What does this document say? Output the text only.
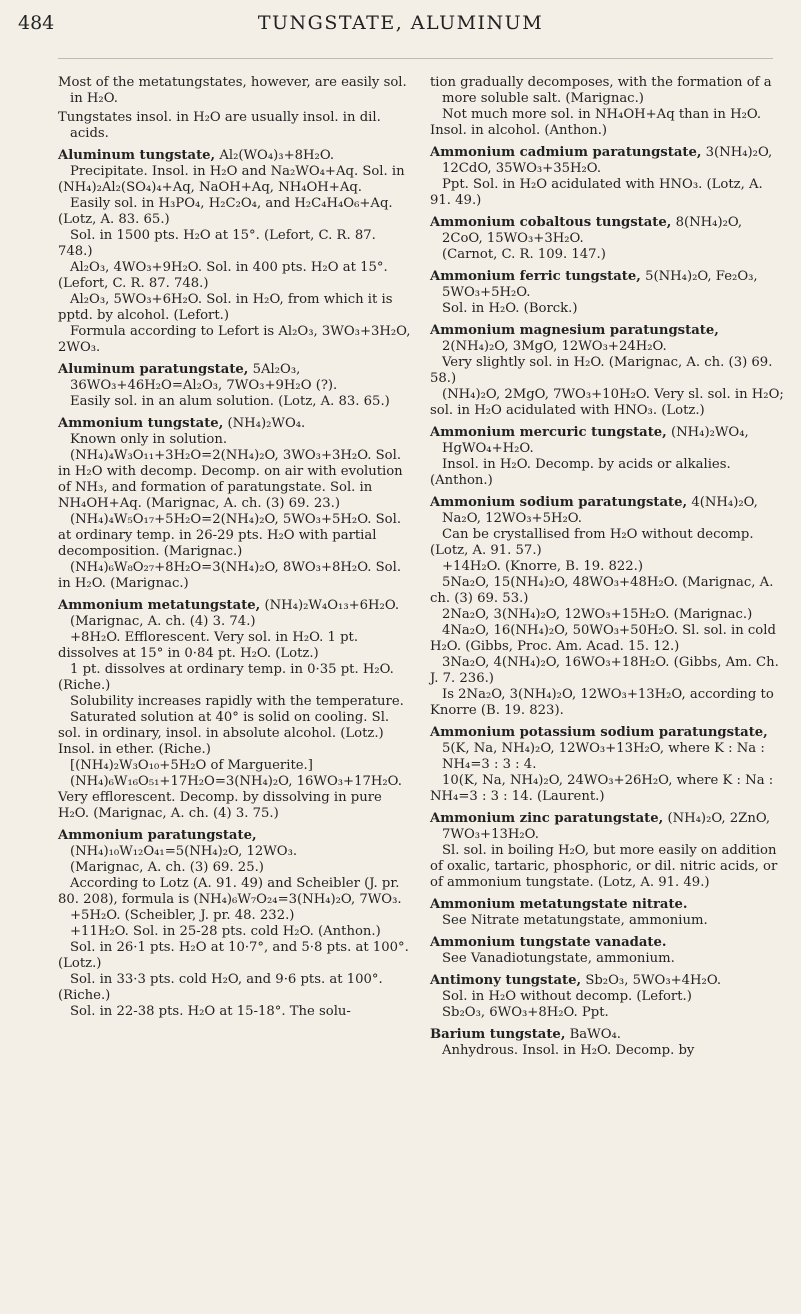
484	TUNGSTATE, ALUMINUM

Most of the metatungstates, however, are easily sol. in H₂O.

Tungstates insol. in H₂O are usually insol. in dil. acids.

Aluminum tungstate, Al₂(WO₄)₃+8H₂O.

Precipitate. Insol. in H₂O and Na₂WO₄+Aq. Sol. in (NH₄)₂Al₂(SO₄)₄+Aq, NaOH+Aq, NH₄OH+Aq.

Easily sol. in H₃PO₄, H₂C₂O₄, and H₂C₄H₄O₆+Aq. (Lotz, A. 83. 65.)

Sol. in 1500 pts. H₂O at 15°. (Lefort, C. R. 87. 748.)

Al₂O₃, 4WO₃+9H₂O. Sol. in 400 pts. H₂O at 15°. (Lefort, C. R. 87. 748.)

Al₂O₃, 5WO₃+6H₂O. Sol. in H₂O, from which it is pptd. by alcohol. (Lefort.)

Formula according to Lefort is Al₂O₃, 3WO₃+3H₂O, 2WO₃.

Aluminum paratungstate, 5Al₂O₃, 36WO₃+46H₂O=Al₂O₃, 7WO₃+9H₂O (?).

Easily sol. in an alum solution. (Lotz, A. 83. 65.)

Ammonium tungstate, (NH₄)₂WO₄.

Known only in solution.

(NH₄)₄W₃O₁₁+3H₂O=2(NH₄)₂O, 3WO₃+3H₂O. Sol. in H₂O with decomp. Decomp. on air with evolution of NH₃, and formation of paratungstate. Sol. in NH₄OH+Aq. (Marignac, A. ch. (3) 69. 23.)

(NH₄)₄W₅O₁₇+5H₂O=2(NH₄)₂O, 5WO₃+5H₂O. Sol. at ordinary temp. in 26-29 pts. H₂O with partial decomposition. (Marignac.)

(NH₄)₆W₈O₂₇+8H₂O=3(NH₄)₂O, 8WO₃+8H₂O. Sol. in H₂O. (Marignac.)

Ammonium metatungstate, (NH₄)₂W₄O₁₃+6H₂O. (Marignac, A. ch. (4) 3. 74.)

+8H₂O. Efflorescent. Very sol. in H₂O. 1 pt. dissolves at 15° in 0·84 pt. H₂O. (Lotz.)

1 pt. dissolves at ordinary temp. in 0·35 pt. H₂O. (Riche.)

Solubility increases rapidly with the temperature.

Saturated solution at 40° is solid on cooling. Sl. sol. in ordinary, insol. in absolute alcohol. (Lotz.) Insol. in ether. (Riche.)

[(NH₄)₂W₃O₁₀+5H₂O of Marguerite.]

(NH₄)₆W₁₆O₅₁+17H₂O=3(NH₄)₂O, 16WO₃+17H₂O. Very efflorescent. Decomp. by dissolving in pure H₂O. (Marignac, A. ch. (4) 3. 75.)

Ammonium paratungstate, (NH₄)₁₀W₁₂O₄₁=5(NH₄)₂O, 12WO₃.

(Marignac, A. ch. (3) 69. 25.)

According to Lotz (A. 91. 49) and Scheibler (J. pr. 80. 208), formula is (NH₄)₆W₇O₂₄=3(NH₄)₂O, 7WO₃.

+5H₂O. (Scheibler, J. pr. 48. 232.)

+11H₂O. Sol. in 25-28 pts. cold H₂O. (Anthon.)

Sol. in 26·1 pts. H₂O at 10·7°, and 5·8 pts. at 100°. (Lotz.)

Sol. in 33·3 pts. cold H₂O, and 9·6 pts. at 100°. (Riche.)

Sol. in 22-38 pts. H₂O at 15-18°. The solu-

tion gradually decomposes, with the formation of a more soluble salt. (Marignac.)

Not much more sol. in NH₄OH+Aq than in H₂O. Insol. in alcohol. (Anthon.)

Ammonium cadmium paratungstate, 3(NH₄)₂O, 12CdO, 35WO₃+35H₂O.

Ppt. Sol. in H₂O acidulated with HNO₃. (Lotz, A. 91. 49.)

Ammonium cobaltous tungstate, 8(NH₄)₂O, 2CoO, 15WO₃+3H₂O.

(Carnot, C. R. 109. 147.)

Ammonium ferric tungstate, 5(NH₄)₂O, Fe₂O₃, 5WO₃+5H₂O.

Sol. in H₂O. (Borck.)

Ammonium magnesium paratungstate, 2(NH₄)₂O, 3MgO, 12WO₃+24H₂O.

Very slightly sol. in H₂O. (Marignac, A. ch. (3) 69. 58.)

(NH₄)₂O, 2MgO, 7WO₃+10H₂O. Very sl. sol. in H₂O; sol. in H₂O acidulated with HNO₃. (Lotz.)

Ammonium mercuric tungstate, (NH₄)₂WO₄, HgWO₄+H₂O.

Insol. in H₂O. Decomp. by acids or alkalies. (Anthon.)

Ammonium sodium paratungstate, 4(NH₄)₂O, Na₂O, 12WO₃+5H₂O.

Can be crystallised from H₂O without decomp. (Lotz, A. 91. 57.)

+14H₂O. (Knorre, B. 19. 822.)

5Na₂O, 15(NH₄)₂O, 48WO₃+48H₂O. (Marignac, A. ch. (3) 69. 53.)

2Na₂O, 3(NH₄)₂O, 12WO₃+15H₂O. (Marignac.)

4Na₂O, 16(NH₄)₂O, 50WO₃+50H₂O. Sl. sol. in cold H₂O. (Gibbs, Proc. Am. Acad. 15. 12.)

3Na₂O, 4(NH₄)₂O, 16WO₃+18H₂O. (Gibbs, Am. Ch. J. 7. 236.)

Is 2Na₂O, 3(NH₄)₂O, 12WO₃+13H₂O, according to Knorre (B. 19. 823).

Ammonium potassium sodium paratungstate, 5(K, Na, NH₄)₂O, 12WO₃+13H₂O, where K : Na : NH₄=3 : 3 : 4.

10(K, Na, NH₄)₂O, 24WO₃+26H₂O, where K : Na : NH₄=3 : 3 : 14. (Laurent.)

Ammonium zinc paratungstate, (NH₄)₂O, 2ZnO, 7WO₃+13H₂O.

Sl. sol. in boiling H₂O, but more easily on addition of oxalic, tartaric, phosphoric, or dil. nitric acids, or of ammonium tungstate. (Lotz, A. 91. 49.)

Ammonium metatungstate nitrate.

See Nitrate metatungstate, ammonium.

Ammonium tungstate vanadate.

See Vanadiotungstate, ammonium.

Antimony tungstate, Sb₂O₃, 5WO₃+4H₂O.

Sol. in H₂O without decomp. (Lefort.)

Sb₂O₃, 6WO₃+8H₂O. Ppt.

Barium tungstate, BaWO₄.

Anhydrous. Insol. in H₂O. Decomp. by
